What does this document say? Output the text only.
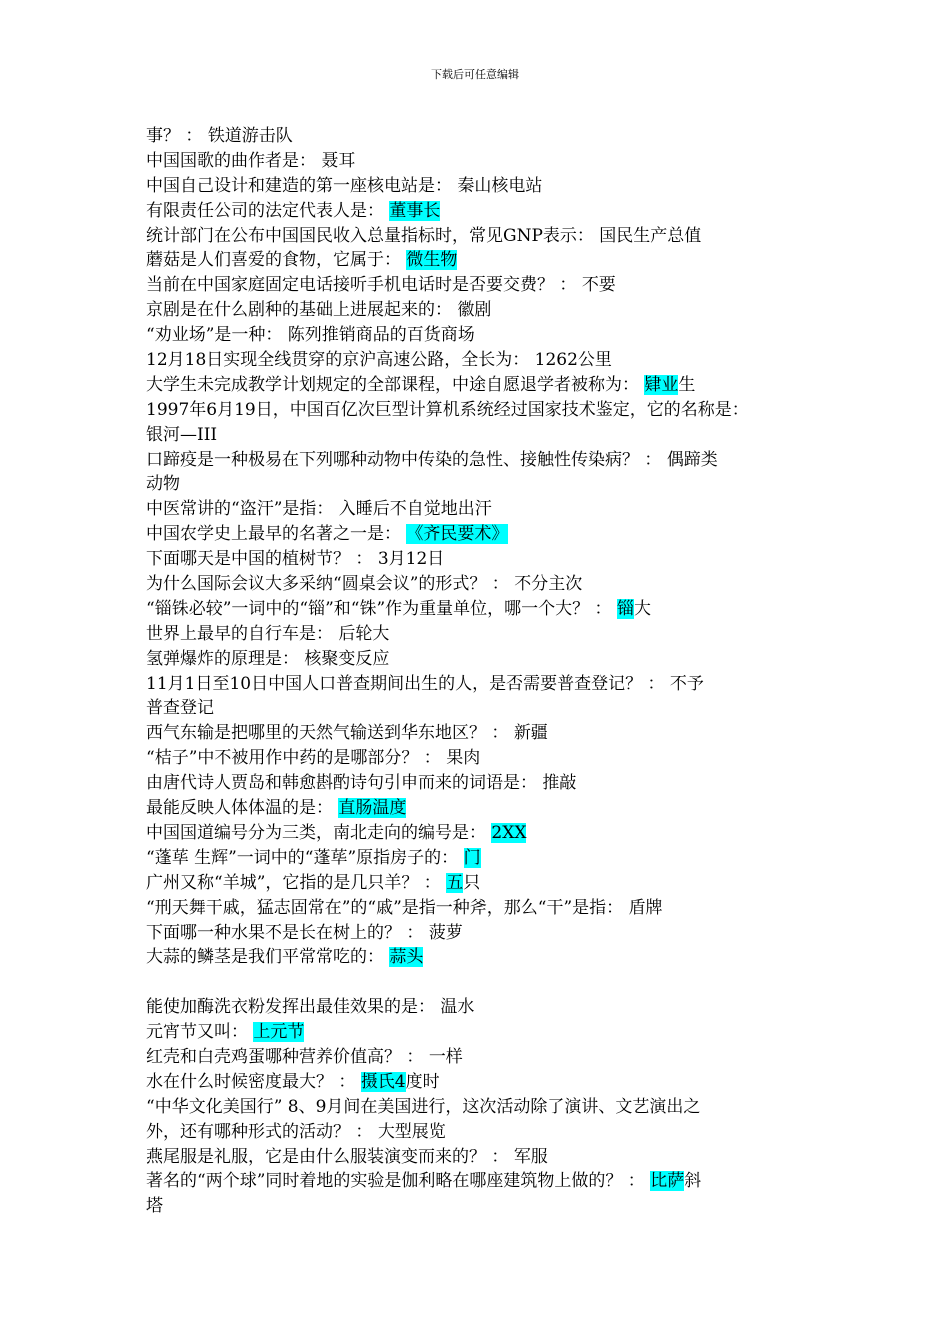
下载后可任意编辑
事？ ： 铁道游击队
中国国歌的曲作者是： 聂耳
中国自己设计和建造的第一座核电站是： 秦山核电站
有限责任公司的法定代表人是： 董事长
统计部门在公布中国国民收入总量指标时，常见GNP表示： 国民生产总值
蘑菇是人们喜爱的食物，它属于： 微生物
当前在中国家庭固定电话接听手机电话时是否要交费？ ： 不要
京剧是在什么剧种的基础上进展起来的： 徽剧
“劝业场”是一种： 陈列推销商品的百货商场
12月18日实现全线贯穿的京沪高速公路，全长为： 1262公里
大学生未完成教学计划规定的全部课程，中途自愿退学者被称为： 肄业生
1997年6月19日，中国百亿次巨型计算机系统经过国家技术鉴定，它的名称是：
银河—III
口蹄疫是一种极易在下列哪种动物中传染的急性、接触性传染病？ ： 偶蹄类
动物
中医常讲的“盗汗”是指： 入睡后不自觉地出汗
中国农学史上最早的名著之一是： 《齐民要术》
下面哪天是中国的植树节？ ： 3月12日
为什么国际会议大多采纳“圆桌会议”的形式？ ： 不分主次
“锱铢必较”一词中的“锱”和“铢”作为重量单位，哪一个大？ ： 锱大
世界上最早的自行车是： 后轮大
氢弹爆炸的原理是： 核聚变反应
11月1日至10日中国人口普查期间出生的人，是否需要普查登记？ ： 不予
普查登记
西气东输是把哪里的天然气输送到华东地区？ ： 新疆
“桔子”中不被用作中药的是哪部分？ ： 果肉
由唐代诗人贾岛和韩愈斟酌诗句引申而来的词语是： 推敲
最能反映人体体温的是： 直肠温度
中国国道编号分为三类，南北走向的编号是： 2XX
“蓬荜 生辉”一词中的“蓬荜”原指房子的： 门
广州又称“羊城”，它指的是几只羊？ ： 五只
“刑天舞干戚，猛志固常在”的“戚”是指一种斧，那么“干”是指： 盾牌
下面哪一种水果不是长在树上的？ ： 菠萝
大蒜的鳞茎是我们平常常吃的： 蒜头
能使加酶洗衣粉发挥出最佳效果的是： 温水
元宵节又叫： 上元节
红壳和白壳鸡蛋哪种营养价值高？ ： 一样
水在什么时候密度最大？ ： 摄氏4度时
“中华文化美国行” 8、9月间在美国进行，这次活动除了演讲、文艺演出之
外，还有哪种形式的活动？ ： 大型展览
燕尾服是礼服，它是由什么服装演变而来的？ ： 军服
著名的“两个球”同时着地的实验是伽利略在哪座建筑物上做的？ ： 比萨斜
塔
